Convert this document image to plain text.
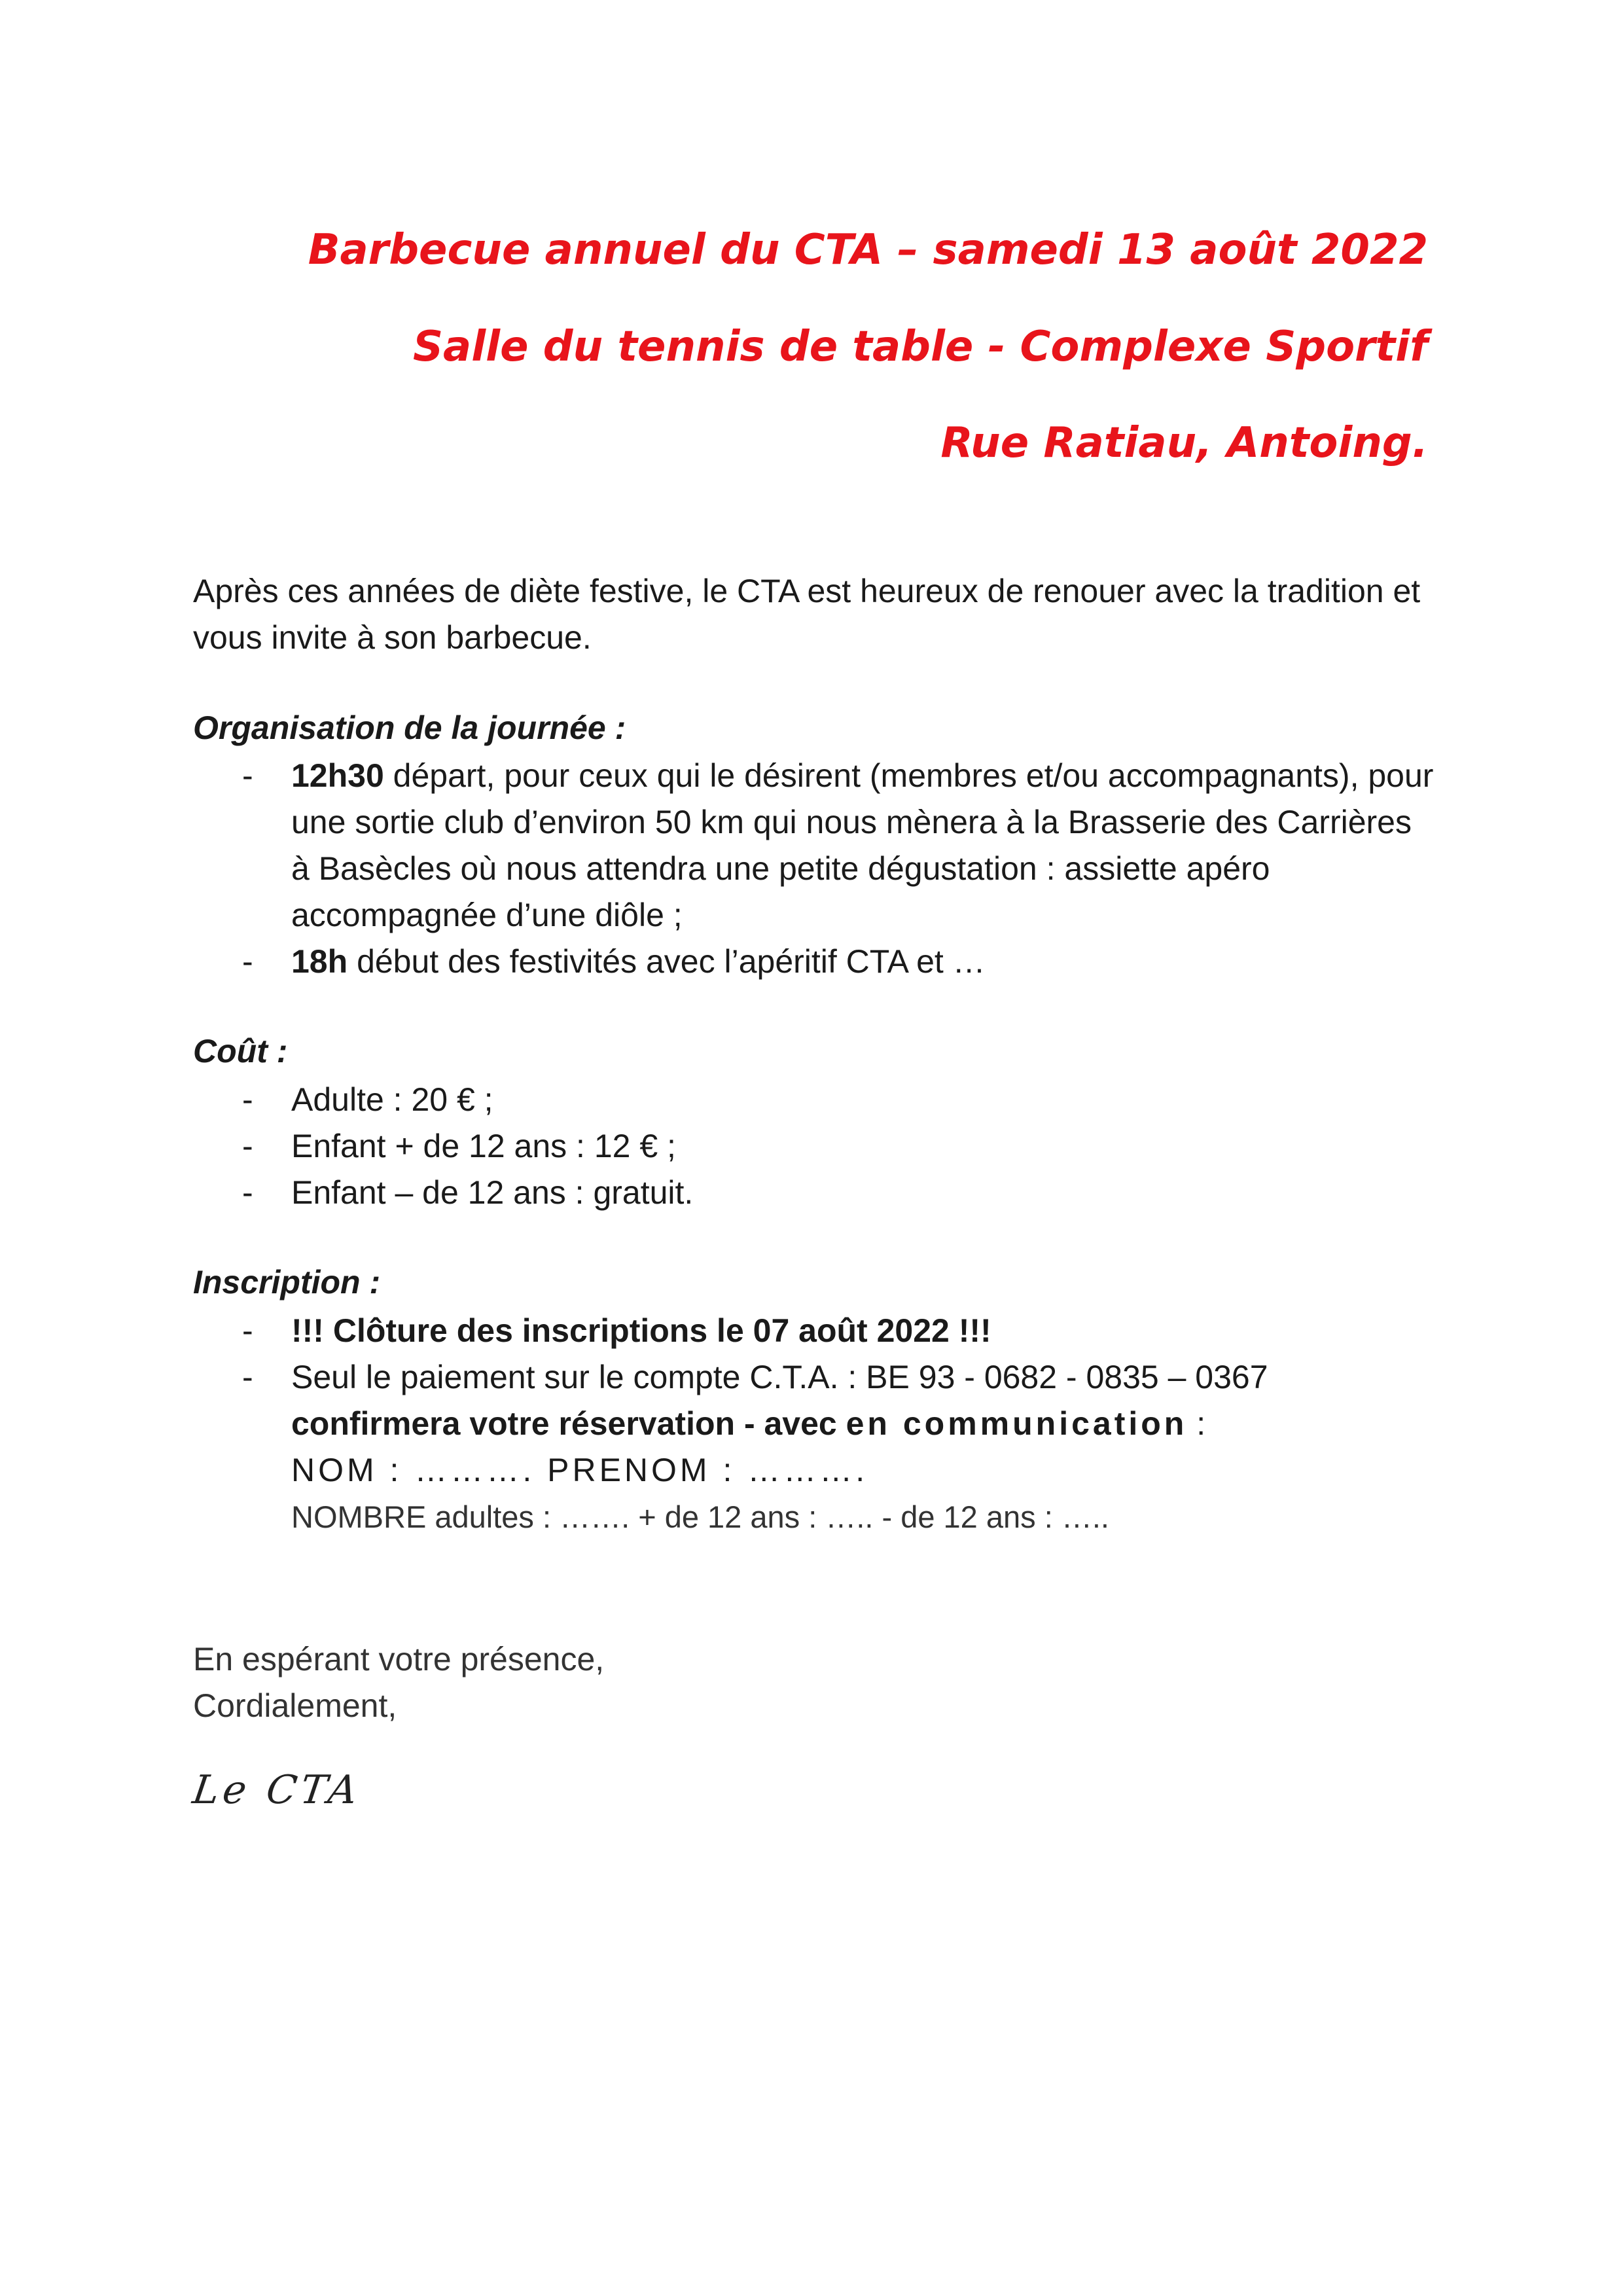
Barbecue annuel du CTA – samedi 13 août 2022
Salle du tennis de table - Complexe Sportif
Rue Ratiau, Antoing.
Après ces années de diète festive, le CTA est heureux de renouer avec la tradition et vous invite à son barbecue.
Organisation de la journée :
- 12h30 départ, pour ceux qui le désirent (membres et/ou accompagnants), pour une sortie club d’environ 50 km qui nous mènera à la Brasserie des Carrières à Basècles où nous attendra une petite dégustation : assiette apéro accompagnée d’une diôle ;
- 18h début des festivités avec l’apéritif CTA et …
Coût :
- Adulte : 20 € ;
- Enfant + de 12 ans : 12 € ;
- Enfant – de 12 ans : gratuit.
Inscription :
- !!! Clôture des inscriptions le 07 août 2022 !!!
- Seul le paiement sur le compte C.T.A. : BE 93 - 0682 - 0835 – 0367
confirmera votre réservation - avec en communication :
NOM : ………. PRENOM : ……….
NOMBRE adultes : ……. + de 12 ans : ….. - de 12 ans : …..
En espérant votre présence,
Cordialement,
Le CTA
